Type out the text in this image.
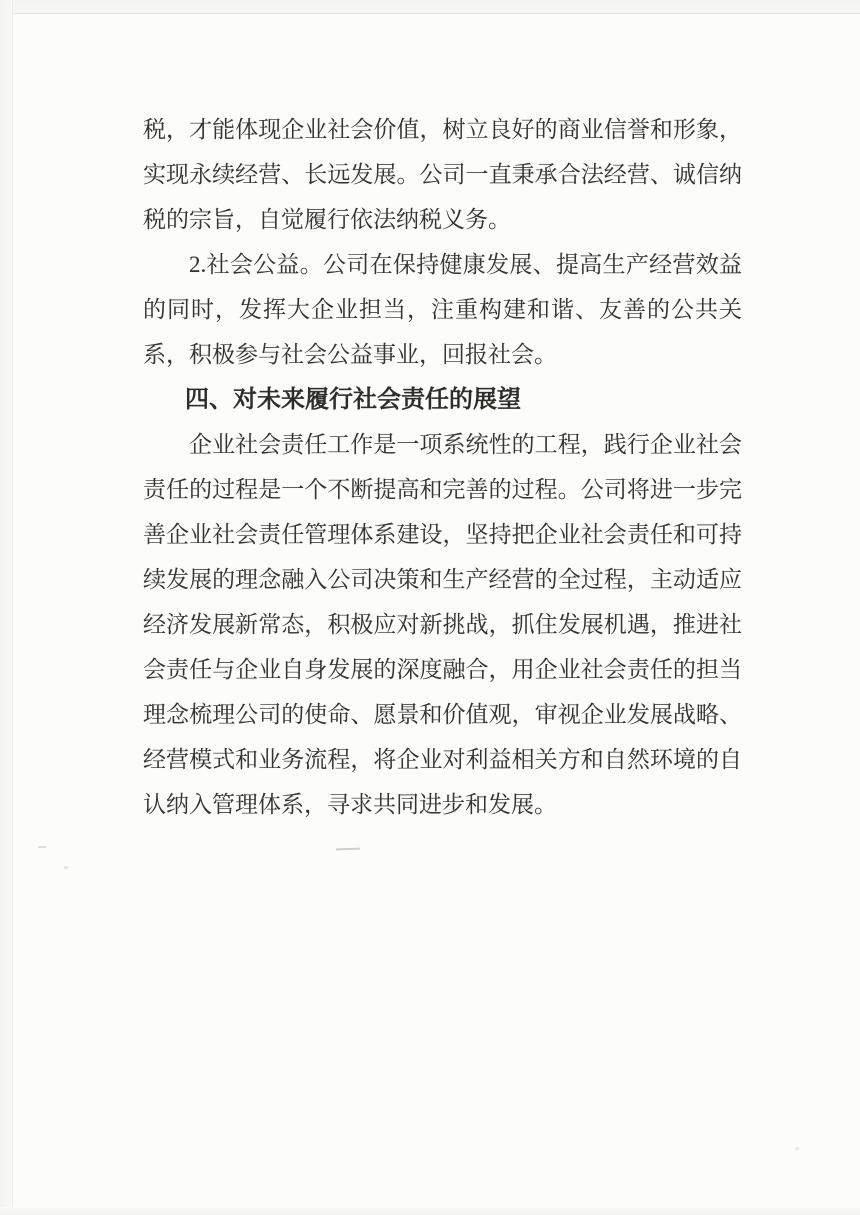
税，才能体现企业社会价值，树立良好的商业信誉和形象，实现永续经营、长远发展。公司一直秉承合法经营、诚信纳税的宗旨，自觉履行依法纳税义务。

2.社会公益。公司在保持健康发展、提高生产经营效益的同时，发挥大企业担当，注重构建和谐、友善的公共关系，积极参与社会公益事业，回报社会。

四、对未来履行社会责任的展望

企业社会责任工作是一项系统性的工程，践行企业社会责任的过程是一个不断提高和完善的过程。公司将进一步完善企业社会责任管理体系建设，坚持把企业社会责任和可持续发展的理念融入公司决策和生产经营的全过程，主动适应经济发展新常态，积极应对新挑战，抓住发展机遇，推进社会责任与企业自身发展的深度融合，用企业社会责任的担当理念梳理公司的使命、愿景和价值观，审视企业发展战略、经营模式和业务流程，将企业对利益相关方和自然环境的自认纳入管理体系，寻求共同进步和发展。
